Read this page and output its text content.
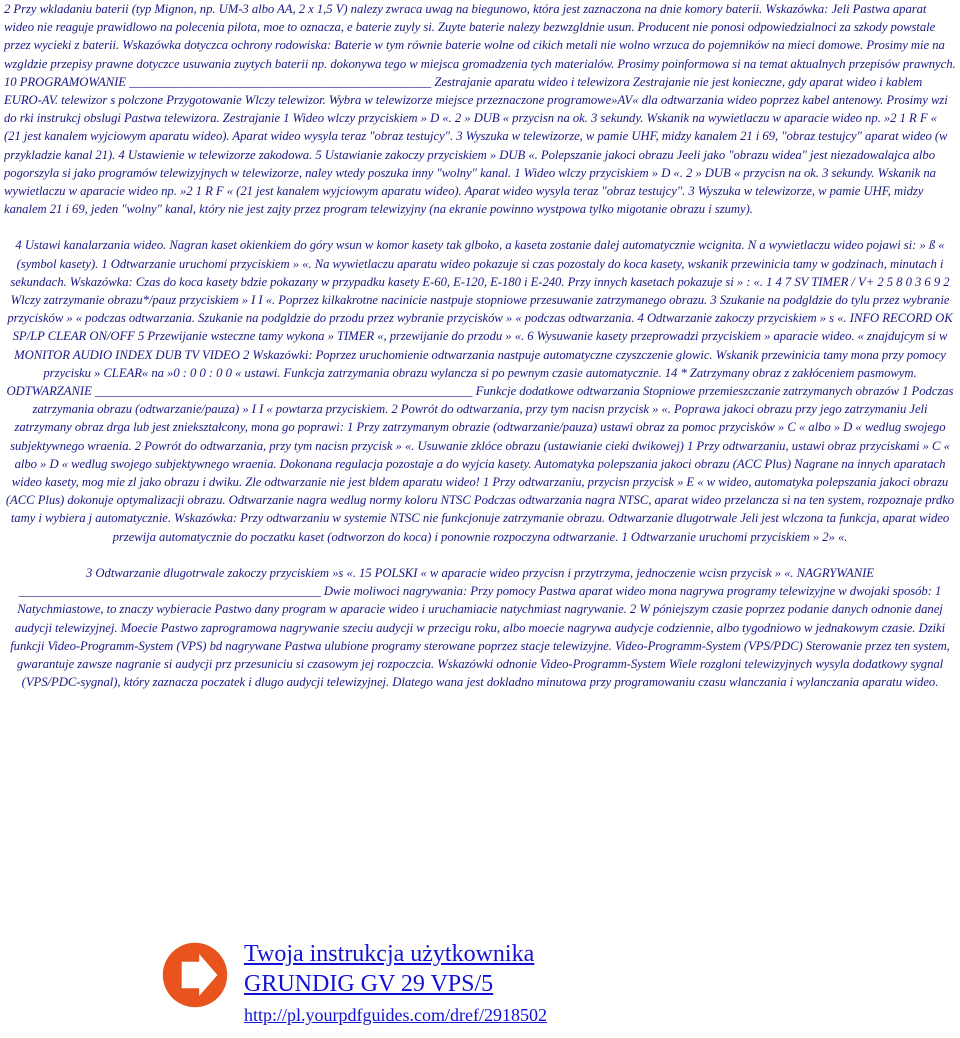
2 Przy wkladaniu baterii (typ Mignon, np. UM-3 albo AA, 2 x 1,5 V) nalezy zwraca uwag na biegunowo, która jest zaznaczona na dnie komory baterii. Wskazówka: Jeli Pastwa aparat wideo nie reaguje prawidlowo na polecenia pilota, moe to oznacza, e baterie zuyly si. Zuyte baterie nalezy bezwzgldnie usun. Producent nie ponosi odpowiedzialnoci za szkody powstale przez wycieki z baterii. Wskazówka dotyczca ochrony rodowiska: Baterie w tym równie baterie wolne od cikich metali nie wolno wrzuca do pojemników na mieci domowe. Prosimy mie na wzgldzie przepisy prawne dotyczce usuwania zuytych baterii np. dokonywa tego w miejsca gromadzenia tych materialów. Prosimy poinformowa si na temat aktualnych przepisów prawnych. 10 PROGRAMOWANIE ________________________________________________ Zestrajanie aparatu wideo i telewizora Zestrajanie nie jest konieczne, gdy aparat wideo i kablem EURO-AV. telewizor s polczone Przygotowanie Wlczy telewizor. Wybra w telewizorze miejsce przeznaczone programowe»AV« dla odtwarzania wideo poprzez kabel antenowy. Prosimy wzi do rki instrukcj obslugi Pastwa telewizora. Zestrajanie 1 Wideo wlczy przyciskiem » D «. 2 » DUB « przycisn na ok. 3 sekundy. Wskanik na wywietlaczu w aparacie wideo np. »2 1 R F « (21 jest kanalem wyjciowym aparatu wideo). Aparat wideo wysyla teraz "obraz testujcy". 3 Wyszuka w telewizorze, w pamie UHF, midzy kanalem 21 i 69, "obraz testujcy" aparat wideo (w przykladzie kanal 21). 4 Ustawienie w telewizorze zakodowa. 5 Ustawianie zakoczy przyciskiem » DUB «. Polepszanie jakoci obrazu Jeeli jako "obrazu widea" jest niezadowalajca albo pogorszyla si jako programów telewizyjnych w telewizorze, naley wtedy poszuka inny "wolny" kanal. 1 Wideo wlczy przyciskiem » D «. 2 » DUB « przycisn na ok. 3 sekundy. Wskanik na wywietlaczu w aparacie wideo np. »2 1 R F « (21 jest kanalem wyjciowym aparatu wideo). Aparat wideo wysyla teraz "obraz testujcy". 3 Wyszuka w telewizorze, w pamie UHF, midzy kanalem 21 i 69, jeden "wolny" kanal, który nie jest zajty przez program telewizyjny (na ekranie powinno wystpowa tylko migotanie obrazu i szumy).

4 Ustawi kanalarzania wideo. Nagran kaset okienkiem do góry wsun w komor kasety tak glboko, a kaseta zostanie dalej automatycznie wcignita. N a wywietlaczu wideo pojawi si: » ß « (symbol kasety). 1 Odtwarzanie uruchomi przyciskiem » «. Na wywietlaczu aparatu wideo pokazuje si czas pozostaly do koca kasety, wskanik przewinicia tamy w godzinach, minutach i sekundach. Wskazówka: Czas do koca kasety bdzie pokazany w przypadku kasety E-60, E-120, E-180 i E-240. Przy innych kasetach pokazuje si » : «. 1 4 7 SV TIMER / V+ 2 5 8 0 3 6 9 2 Wlczy zatrzymanie obrazu*/pauz przyciskiem » I I «. Poprzez kilkakrotne nacinicie nastpuje stopniowe przesuwanie zatrzymanego obrazu. 3 Szukanie na podgldzie do tylu przez wybranie przycisków » « podczas odtwarzania. Szukanie na podgldzie do przodu przez wybranie przycisków » « podczas odtwarzania. 4 Odtwarzanie zakoczy przyciskiem » s «. INFO RECORD OK SP/LP CLEAR ON/OFF 5 Przewijanie wsteczne tamy wykona » TIMER «, przewijanie do przodu » «. 6 Wysuwanie kasety przeprowadzi przyciskiem » aparacie wideo. « znajdujcym si w MONITOR AUDIO INDEX DUB TV VIDEO 2 Wskazówki: Poprzez uruchomienie odtwarzania nastpuje automatyczne czyszczenie glowic. Wskanik przewinicia tamy mona przy pomocy przycisku » CLEAR« na »0 : 0 0 : 0 0 « ustawi. Funkcja zatrzymania obrazu wylancza si po pewnym czasie automatycznie. 14 * Zatrzymany obraz z zakłóceniem pasmowym. ODTWARZANIE ____________________________________________________________ Funkcje dodatkowe odtwarzania Stopniowe przemieszczanie zatrzymanych obrazów 1 Podczas zatrzymania obrazu (odtwarzanie/pauza) » I I « powtarza przyciskiem. 2 Powrót do odtwarzania, przy tym nacisn przycisk » «. Poprawa jakoci obrazu przy jego zatrzymaniu Jeli zatrzymany obraz drga lub jest zniekształcony, mona go poprawi: 1 Przy zatrzymanym obrazie (odtwarzanie/pauza) ustawi obraz za pomoc przycisków » C « albo » D « wedlug swojego subjektywnego wraenia. 2 Powrót do odtwarzania, przy tym nacisn przycisk » «. Usuwanie zklóce obrazu (ustawianie cieki dwikowej) 1 Przy odtwarzaniu, ustawi obraz przyciskami » C « albo » D « wedlug swojego subjektywnego wraenia. Dokonana regulacja pozostaje a do wyjcia kasety. Automatyka polepszania jakoci obrazu (ACC Plus) Nagrane na innych aparatach wideo kasety, mog mie zl jako obrazu i dwiku. Zle odtwarzanie nie jest bldem aparatu wideo! 1 Przy odtwarzaniu, przycisn przycisk » E « w wideo, automatyka polepszania jakoci obrazu (ACC Plus) dokonuje optymalizacji obrazu. Odtwarzanie nagra wedlug normy koloru NTSC Podczas odtwarzania nagra NTSC, aparat wideo przelancza si na ten system, rozpoznaje prdko tamy i wybiera j automatycznie. Wskazówka: Przy odtwarzaniu w systemie NTSC nie funkcjonuje zatrzymanie obrazu. Odtwarzanie dlugotrwale Jeli jest wlczona ta funkcja, aparat wideo przewija automatycznie do poczatku kaset (odtworzon do koca) i ponownie rozpoczyna odtwarzanie. 1 Odtwarzanie uruchomi przyciskiem » 2» «.

3 Odtwarzanie dlugotrwale zakoczy przyciskiem »s «. 15 POLSKI « w aparacie wideo przycisn i przytrzyma, jednoczenie wcisn przycisk » «. NAGRYWANIE ________________________________________________ Dwie moliwoci nagrywania: Przy pomocy Pastwa aparat wideo mona nagrywa programy telewizyjne w dwojaki sposób: 1 Natychmiastowe, to znaczy wybieracie Pastwo dany program w aparacie wideo i uruchamiacie natychmiast nagrywanie. 2 W póniejszym czasie poprzez podanie danych odnonie danej audycji telewizyjnej. Moecie Pastwo zaprogramowa nagrywanie szeciu audycji w przecigu roku, albo moecie nagrywa audycje codziennie, albo tygodniowo w jednakowym czasie. Dziki funkcji Video-Programm-System (VPS) bd nagrywane Pastwa ulubione programy sterowane poprzez stacje telewizyjne. Video-Programm-System (VPS/PDC) Sterowanie przez ten system, gwarantuje zawsze nagranie si audycji prz przesuniciu si czasowym jej rozpoczcia. Wskazówki odnonie Video-Programm-System Wiele rozgloni telewizyjnych wysyla dodatkowy sygnal (VPS/PDC-sygnal), który zaznacza poczatek i dlugo audycji telewizyjnej. Dlatego wana jest dokladno minutowa przy programowaniu czasu wlanczania i wylanczania aparatu wideo.

Twoja instrukcja użytkownika
GRUNDIG GV 29 VPS/5
http://pl.yourpdfguides.com/dref/2918502
